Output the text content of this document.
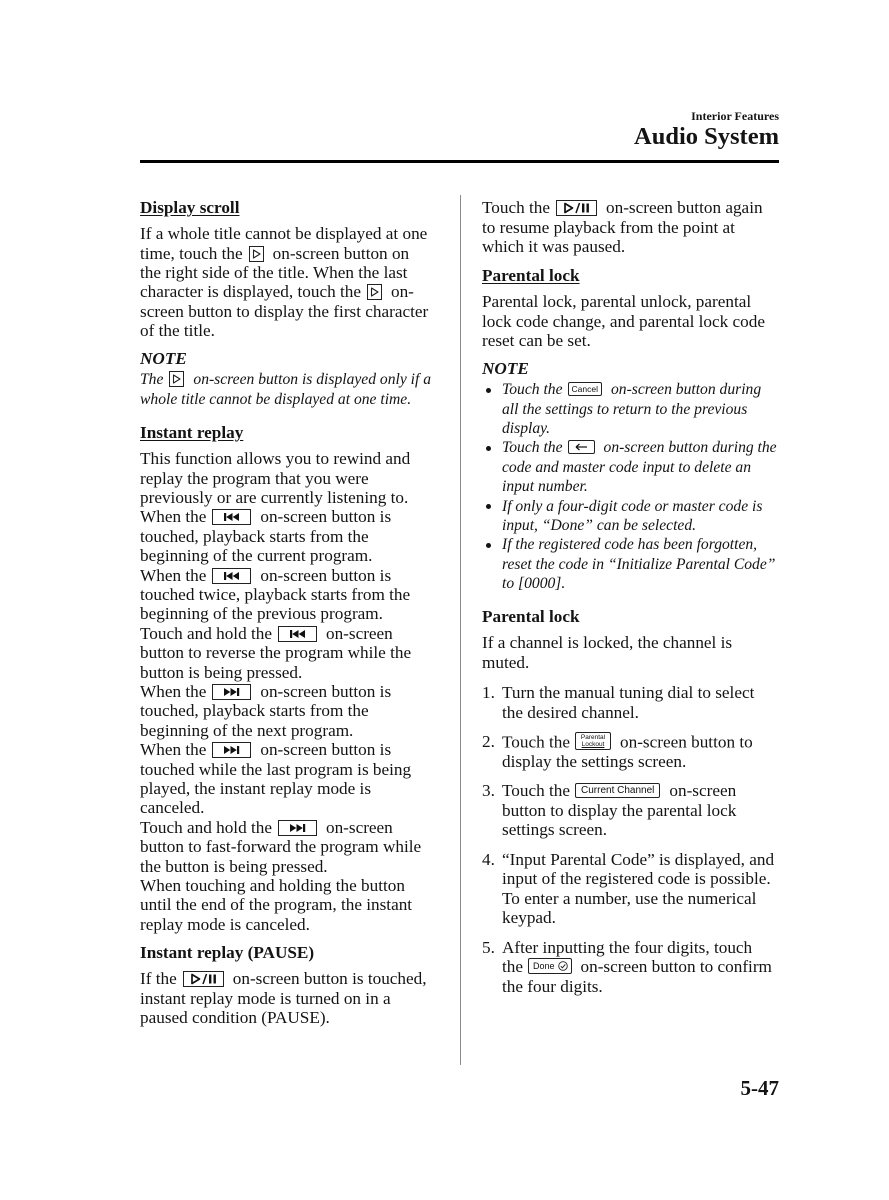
Interior Features
Audio System
Display scroll
If a whole title cannot be displayed at one
time, touch the on-screen button on
the right side of the title. When the last
character is displayed, touch the on-
screen button to display the first character
of the title.
NOTE
The on-screen button is displayed only if a
whole title cannot be displayed at one time.
Instant replay
This function allows you to rewind and
replay the program that you were
previously or are currently listening to.
When the	on-screen button is
touched, playback starts from the
beginning of the current program.
When the	on-screen button is
touched twice, playback starts from the
beginning of the previous program.
Touch and hold the	on-screen
button to reverse the program while the
button is being pressed.
When the	on-screen button is
touched, playback starts from the
beginning of the next program.
When the	on-screen button is
touched while the last program is being
played, the instant replay mode is
canceled.
Touch and hold the	on-screen
button to fast-forward the program while
the button is being pressed.
When touching and holding the button
until the end of the program, the instant
replay mode is canceled.
Instant replay (PAUSE)
If the	on-screen button is touched,
instant replay mode is turned on in a
paused condition (PAUSE).
Touch the	on-screen button again
to resume playback from the point at
which it was paused.
Parental lock
Parental lock, parental unlock, parental
lock code change, and parental lock code
reset can be set.
NOTE
Touch the Cancel on-screen button during
all the settings to return to the previous
display.
Touch the	on-screen button during the
code and master code input to delete an
input number.
If only a four-digit code or master code is
input, “Done” can be selected.
If the registered code has been forgotten,
reset the code in “Initialize Parental Code”
to [0000].
Parental lock
If a channel is locked, the channel is
muted.
1. Turn the manual tuning dial to select
the desired channel.
2. Touch the	Parental
Lockout on-screen button to
display the settings screen.
3. Touch the Current Channel on-screen
button to display the parental lock
settings screen.
4. “Input Parental Code” is displayed, and
input of the registered code is possible.
To enter a number, use the numerical
keypad.
5. After inputting the four digits, touch
the Done on-screen button to confirm
the four digits.
5-47
